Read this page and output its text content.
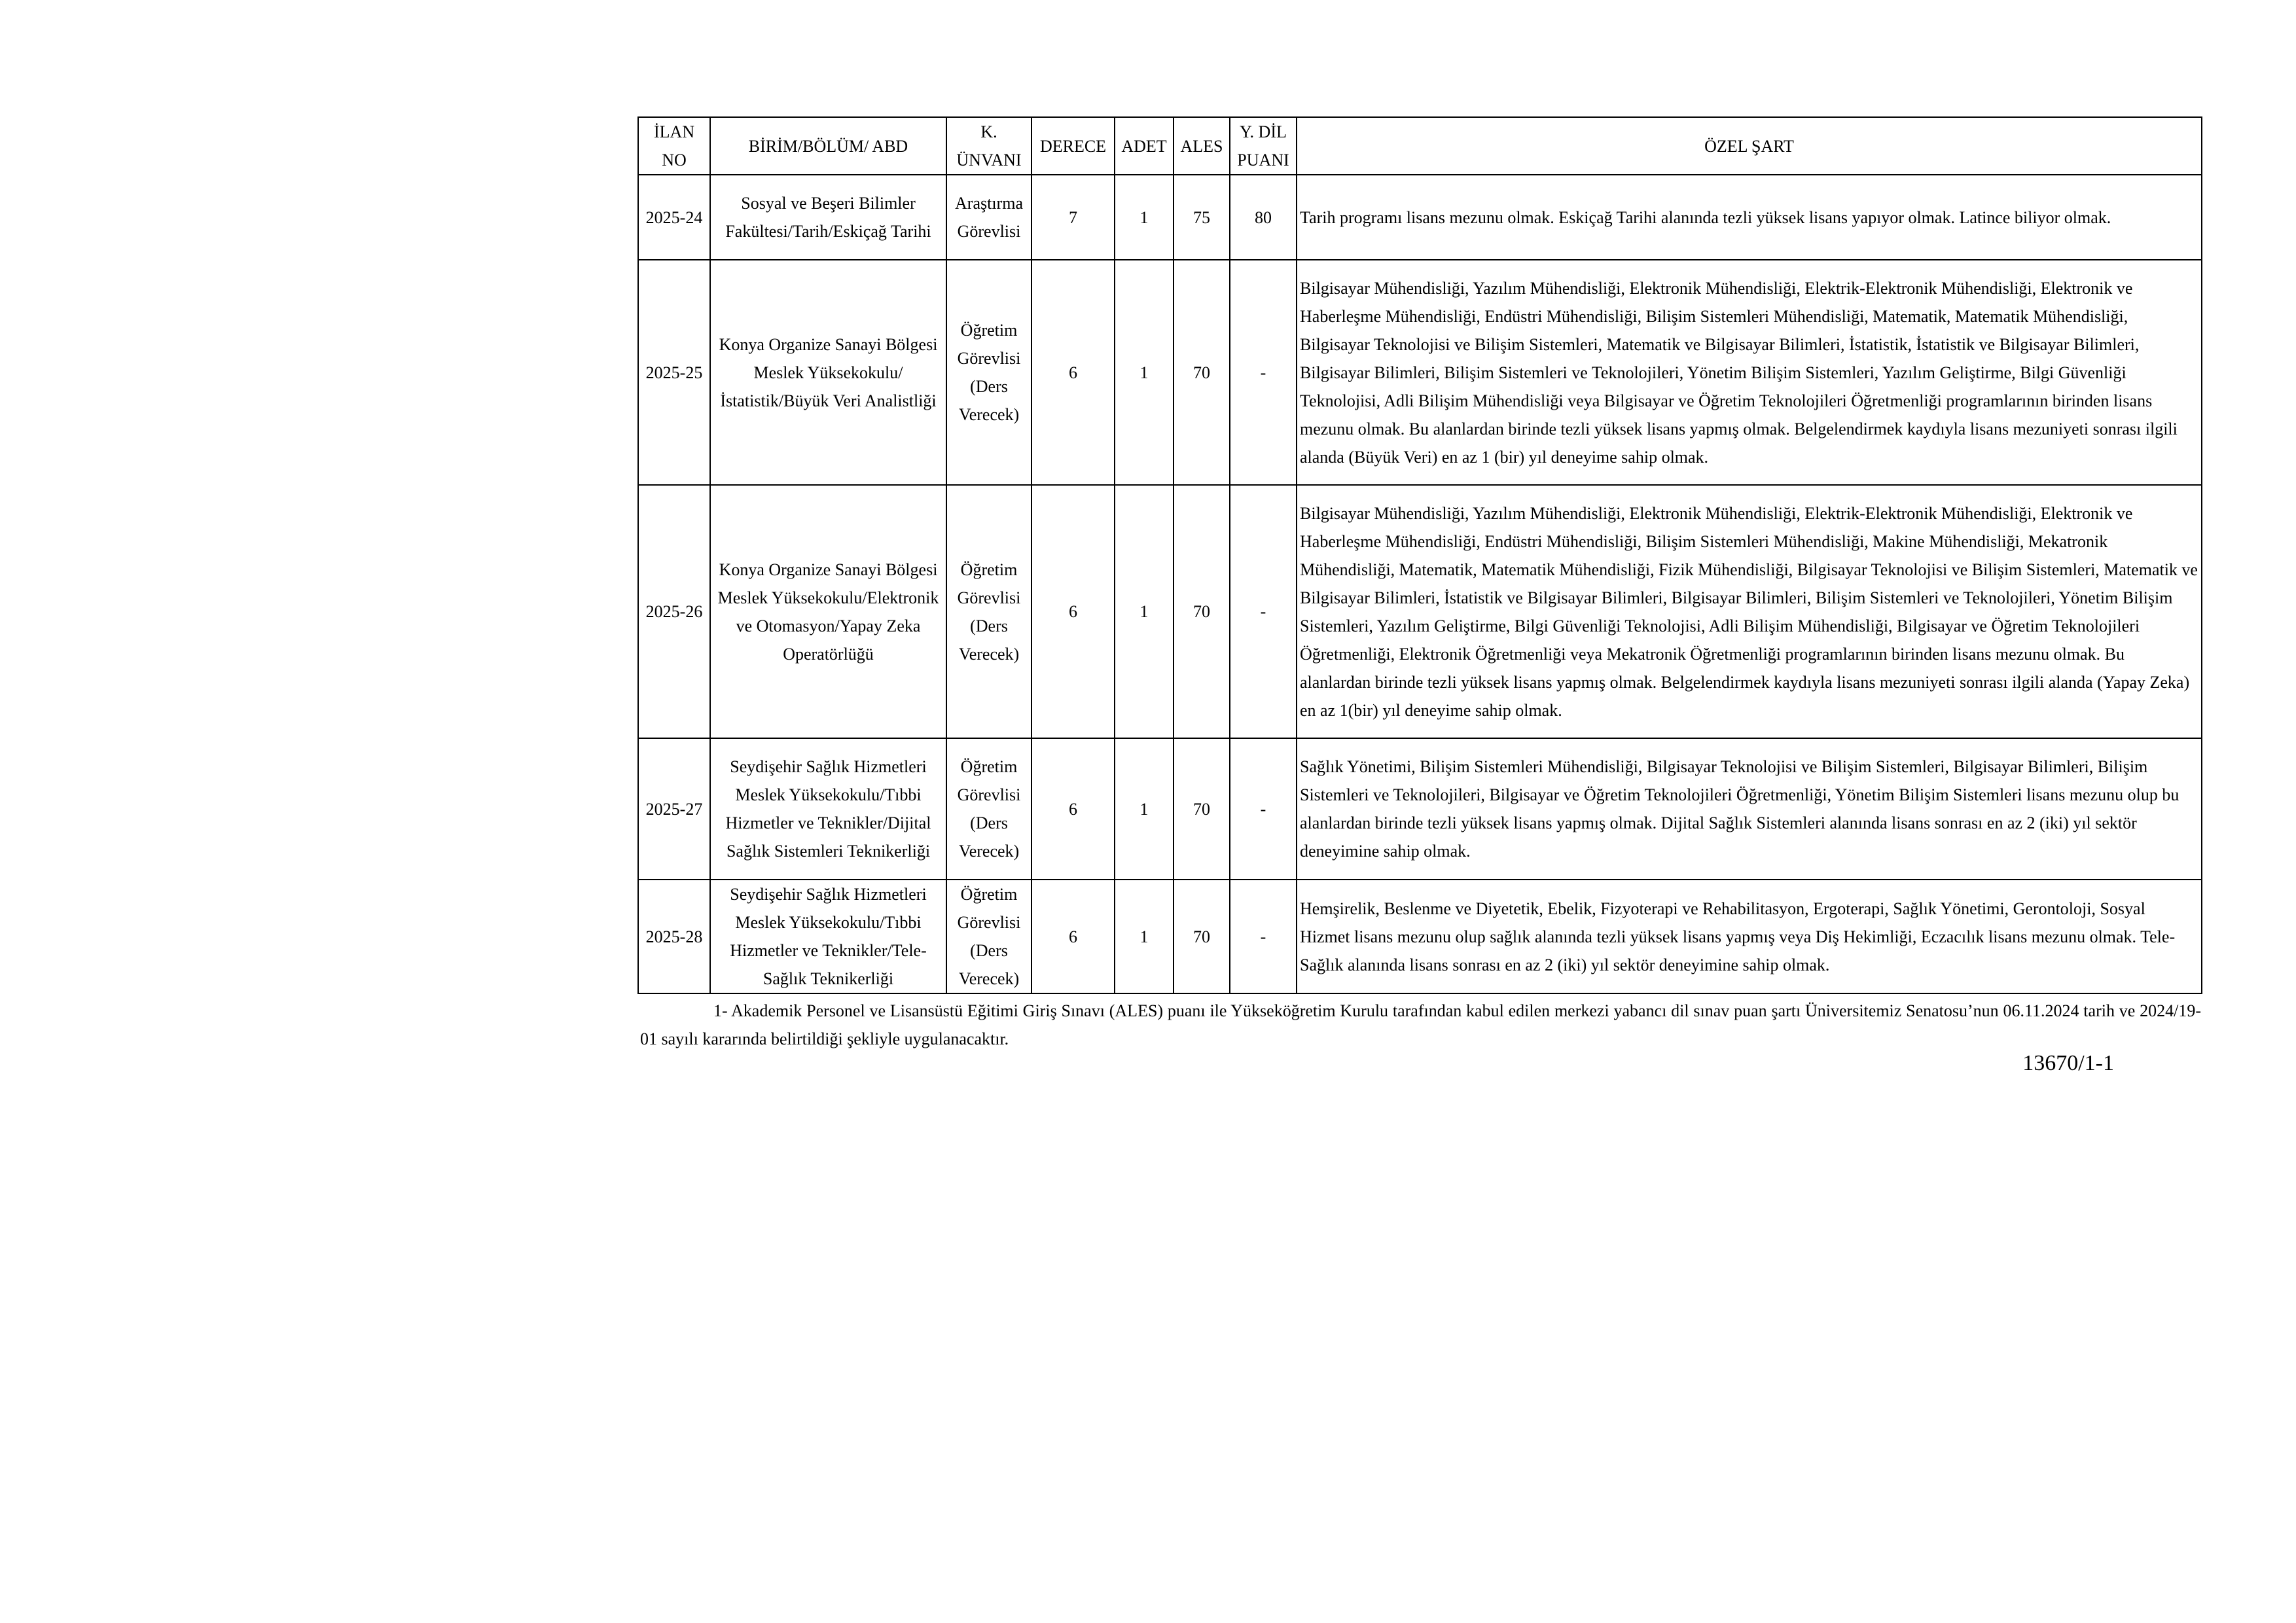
İLAN NO	BİRİM/BÖLÜM/ ABD	K. ÜNVANI	DERECE	ADET	ALES	Y. DİL PUANI	ÖZEL ŞART
2025-24	Sosyal ve Beşeri Bilimler Fakültesi/Tarih/Eskiçağ Tarihi	Araştırma Görevlisi	7	1	75	80	Tarih programı lisans mezunu olmak. Eskiçağ Tarihi alanında tezli yüksek lisans yapıyor olmak. Latince biliyor olmak.
2025-25	Konya Organize Sanayi Bölgesi Meslek Yüksekokulu/İstatistik/Büyük Veri Analistliği	Öğretim Görevlisi (Ders Verecek)	6	1	70	-	Bilgisayar Mühendisliği, Yazılım Mühendisliği, Elektronik Mühendisliği, Elektrik-Elektronik Mühendisliği, Elektronik ve Haberleşme Mühendisliği, Endüstri Mühendisliği, Bilişim Sistemleri Mühendisliği, Matematik, Matematik Mühendisliği, Bilgisayar Teknolojisi ve Bilişim Sistemleri, Matematik ve Bilgisayar Bilimleri, İstatistik, İstatistik ve Bilgisayar Bilimleri, Bilgisayar Bilimleri, Bilişim Sistemleri ve Teknolojileri, Yönetim Bilişim Sistemleri, Yazılım Geliştirme, Bilgi Güvenliği Teknolojisi, Adli Bilişim Mühendisliği veya Bilgisayar ve Öğretim Teknolojileri Öğretmenliği programlarının birinden lisans mezunu olmak. Bu alanlardan birinde tezli yüksek lisans yapmış olmak. Belgelendirmek kaydıyla lisans mezuniyeti sonrası ilgili alanda (Büyük Veri) en az 1 (bir) yıl deneyime sahip olmak.
2025-26	Konya Organize Sanayi Bölgesi Meslek Yüksekokulu/Elektronik ve Otomasyon/Yapay Zeka Operatörlüğü	Öğretim Görevlisi (Ders Verecek)	6	1	70	-	Bilgisayar Mühendisliği, Yazılım Mühendisliği, Elektronik Mühendisliği, Elektrik-Elektronik Mühendisliği, Elektronik ve Haberleşme Mühendisliği, Endüstri Mühendisliği, Bilişim Sistemleri Mühendisliği, Makine Mühendisliği, Mekatronik Mühendisliği, Matematik, Matematik Mühendisliği, Fizik Mühendisliği, Bilgisayar Teknolojisi ve Bilişim Sistemleri, Matematik ve Bilgisayar Bilimleri, İstatistik ve Bilgisayar Bilimleri, Bilgisayar Bilimleri, Bilişim Sistemleri ve Teknolojileri, Yönetim Bilişim Sistemleri, Yazılım Geliştirme, Bilgi Güvenliği Teknolojisi, Adli Bilişim Mühendisliği, Bilgisayar ve Öğretim Teknolojileri Öğretmenliği, Elektronik Öğretmenliği veya Mekatronik Öğretmenliği programlarının birinden lisans mezunu olmak. Bu alanlardan birinde tezli yüksek lisans yapmış olmak. Belgelendirmek kaydıyla lisans mezuniyeti sonrası ilgili alanda (Yapay Zeka) en az 1(bir) yıl deneyime sahip olmak.
2025-27	Seydişehir Sağlık Hizmetleri Meslek Yüksekokulu/Tıbbi Hizmetler ve Teknikler/Dijital Sağlık Sistemleri Teknikerliği	Öğretim Görevlisi (Ders Verecek)	6	1	70	-	Sağlık Yönetimi, Bilişim Sistemleri Mühendisliği, Bilgisayar Teknolojisi ve Bilişim Sistemleri, Bilgisayar Bilimleri, Bilişim Sistemleri ve Teknolojileri, Bilgisayar ve Öğretim Teknolojileri Öğretmenliği, Yönetim Bilişim Sistemleri lisans mezunu olup bu alanlardan birinde tezli yüksek lisans yapmış olmak. Dijital Sağlık Sistemleri alanında lisans sonrası en az 2 (iki) yıl sektör deneyimine sahip olmak.
2025-28	Seydişehir Sağlık Hizmetleri Meslek Yüksekokulu/Tıbbi Hizmetler ve Teknikler/Tele-Sağlık Teknikerliği	Öğretim Görevlisi (Ders Verecek)	6	1	70	-	Hemşirelik, Beslenme ve Diyetetik, Ebelik, Fizyoterapi ve Rehabilitasyon, Ergoterapi, Sağlık Yönetimi, Gerontoloji, Sosyal Hizmet lisans mezunu olup sağlık alanında tezli yüksek lisans yapmış veya Diş Hekimliği, Eczacılık lisans mezunu olmak. Tele-Sağlık alanında lisans sonrası en az 2 (iki) yıl sektör deneyimine sahip olmak.

1- Akademik Personel ve Lisansüstü Eğitimi Giriş Sınavı (ALES) puanı ile Yükseköğretim Kurulu tarafından kabul edilen merkezi yabancı dil sınav puan şartı Üniversitemiz Senatosu’nun 06.11.2024 tarih ve 2024/19-01 sayılı kararında belirtildiği şekliyle uygulanacaktır.

13670/1-1
